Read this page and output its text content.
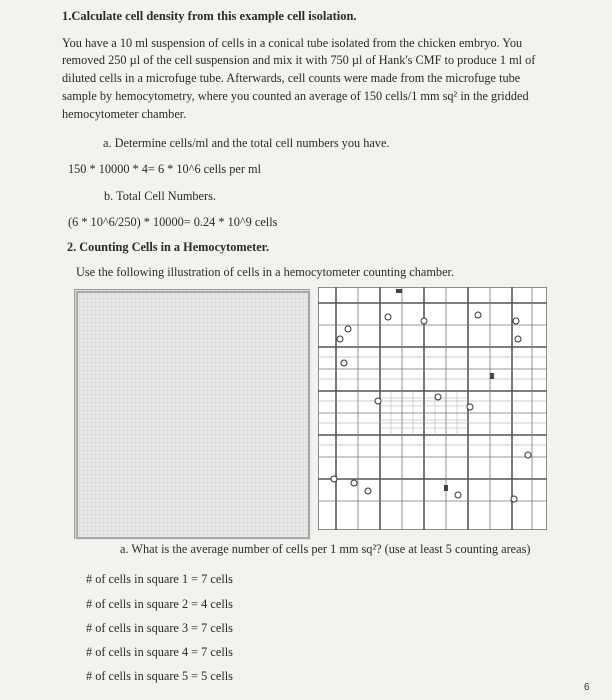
1.Calculate cell density from this example cell isolation.
You have a 10 ml suspension of cells in a conical tube isolated from the chicken embryo. You
removed 250 µl of the cell suspension and mix it with 750 µl of Hank's CMF to produce 1 ml of
diluted cells in a microfuge tube. Afterwards, cell counts were made from the microfuge tube
sample by hemocytometry, where you counted an average of 150 cells/1 mm sq² in the gridded
hemocytometer chamber.
a. Determine cells/ml and the total cell numbers you have.
150 * 10000 * 4= 6 * 10^6 cells per ml
b. Total Cell Numbers.
(6 * 10^6/250) * 10000= 0.24 * 10^9 cells
2. Counting Cells in a Hemocytometer.
Use the following illustration of cells in a hemocytometer counting chamber.
a. What is the average number of cells per 1 mm sq²? (use at least 5 counting areas)
# of cells in square 1 = 7 cells
# of cells in square 2 = 4 cells
# of cells in square 3 = 7 cells
# of cells in square 4 = 7 cells
# of cells in square 5 = 5 cells
6
